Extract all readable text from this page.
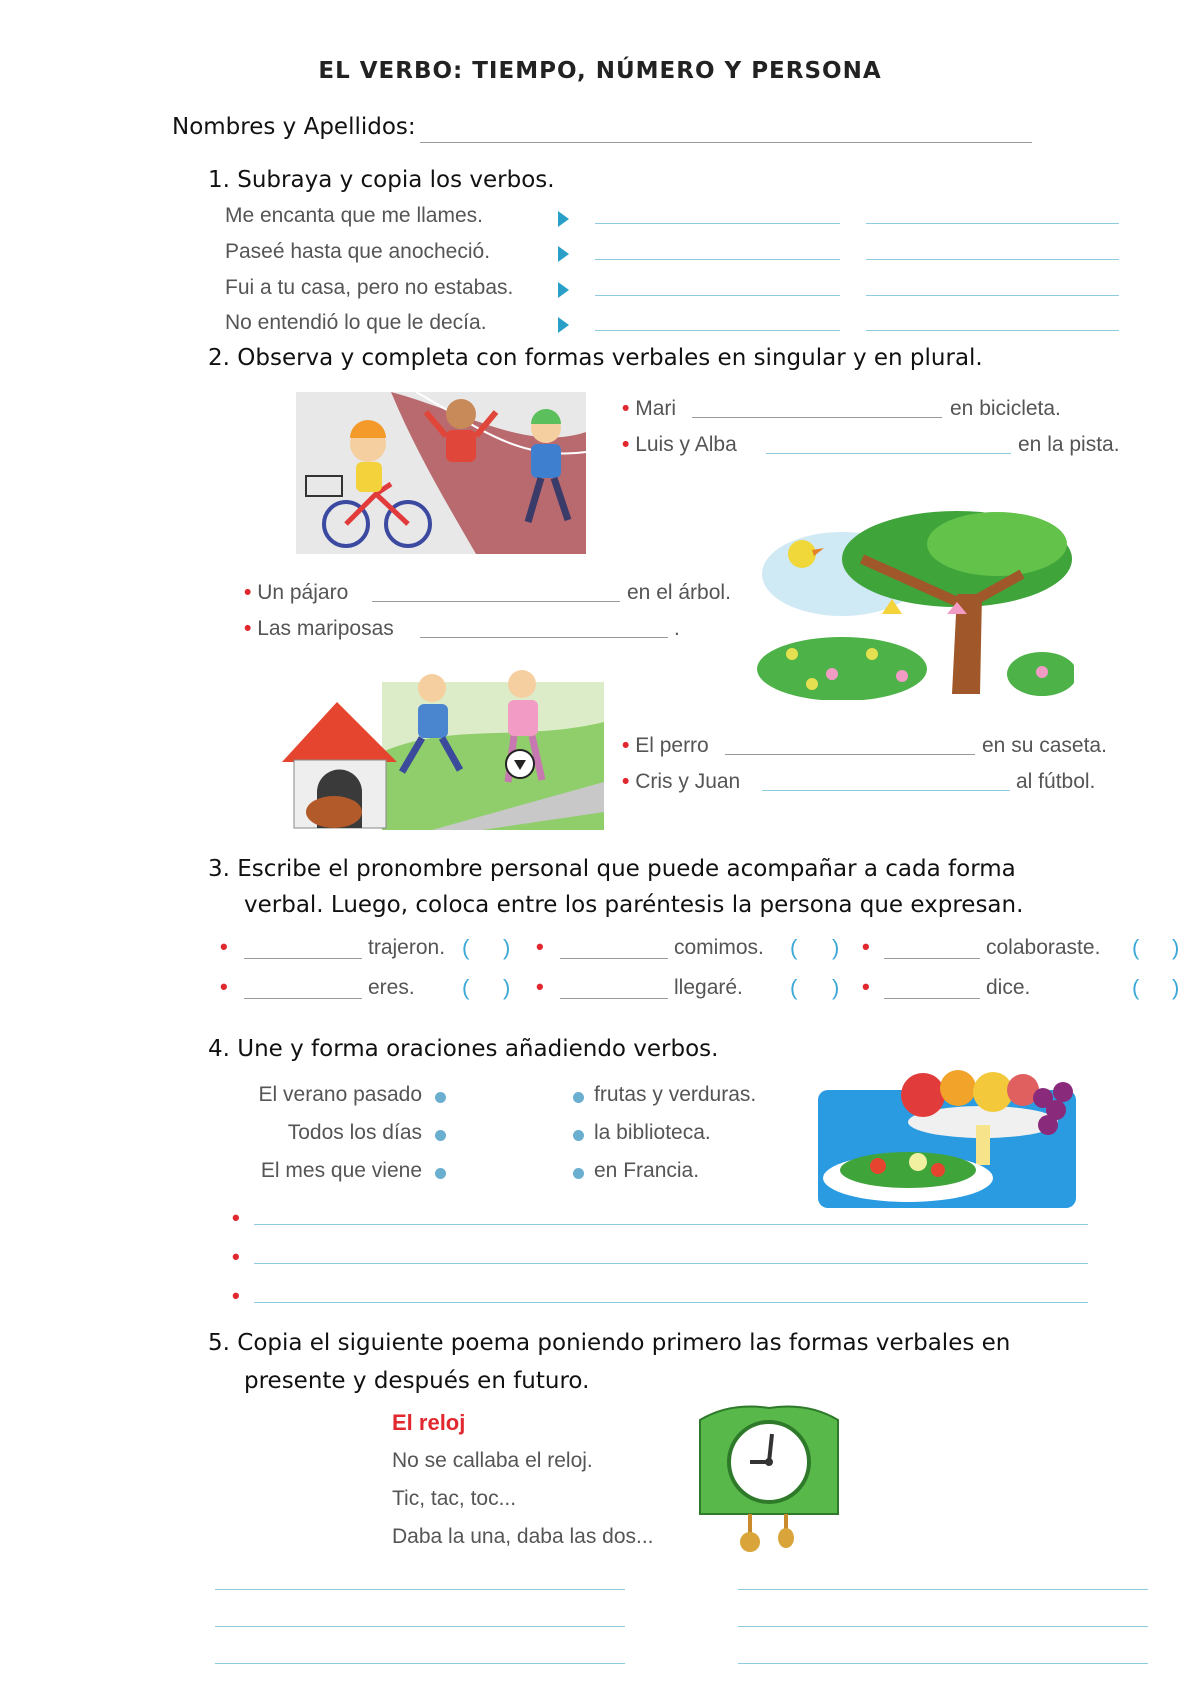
EL VERBO: TIEMPO, NÚMERO Y PERSONA
Nombres y Apellidos:
1. Subraya y copia los verbos.
Me encanta que me llames.
Paseé hasta que anocheció.
Fui a tu casa, pero no estabas.
No entendió lo que le decía.
2. Observa y completa con formas verbales en singular y en plural.
• Mari	en bicicleta.
• Luis y Alba	en la pista.
• Un pájaro	en el árbol.
• Las mariposas	.
• El perro	en su caseta.
• Cris y Juan	al fútbol.
3. Escribe el pronombre personal que puede acompañar a cada forma
verbal. Luego, coloca entre los paréntesis la persona que expresan.
•	trajeron. ( ) •	comimos. ( ) •	colaboraste. ( )
•	eres. ( ) •	llegaré. ( ) •	dice.	( )
4. Une y forma oraciones añadiendo verbos.
El verano pasado
Todos los días
El mes que viene
frutas y verduras.
la biblioteca.
en Francia.
•
•
•
5. Copia el siguiente poema poniendo primero las formas verbales en
presente y después en futuro.
El reloj
No se callaba el reloj.
Tic, tac, toc...
Daba la una, daba las dos...
